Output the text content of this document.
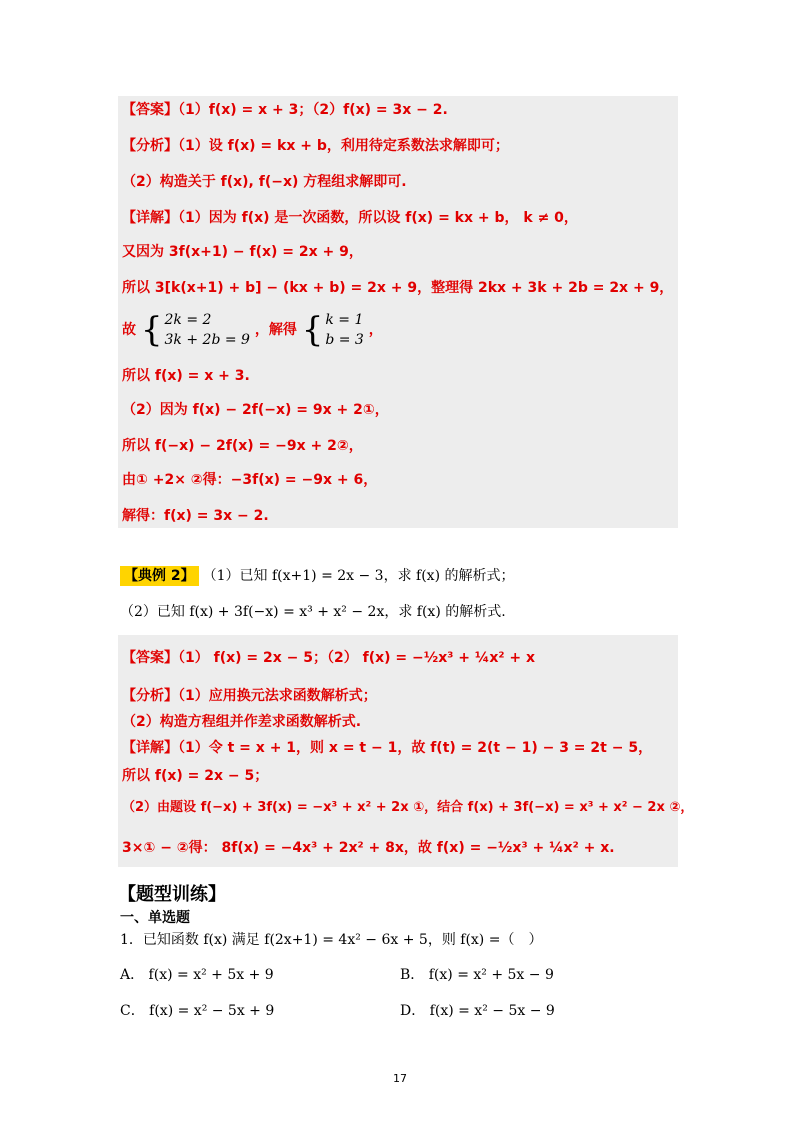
【答案】（1）f(x) = x + 3；（2）f(x) = 3x − 2.
【分析】（1）设 f(x) = kx + b，利用待定系数法求解即可；
（2）构造关于 f(x), f(−x) 方程组求解即可.
【详解】（1）因为 f(x) 是一次函数，所以设 f(x) = kx + b， k ≠ 0，
又因为 3f(x+1) − f(x) = 2x + 9，
所以 3[k(x+1) + b] − (kx + b) = 2x + 9，整理得 2kx + 3k + 2b = 2x + 9，
故 { 2k = 2
3k + 2b = 9
，解得 { k = 1
b = 3
，
所以 f(x) = x + 3.
（2）因为 f(x) − 2f(−x) = 9x + 2①，
所以 f(−x) − 2f(x) = −9x + 2②，
由① +2× ②得：−3f(x) = −9x + 6，
解得：f(x) = 3x − 2.
【典例 2】 （1）已知 f(x+1) = 2x − 3，求 f(x) 的解析式；
（2）已知 f(x) + 3f(−x) = x³ + x² − 2x，求 f(x) 的解析式.
【答案】（1） f(x) = 2x − 5；（2） f(x) = −½x³ + ¼x² + x
【分析】（1）应用换元法求函数解析式；
（2）构造方程组并作差求函数解析式.
【详解】（1）令 t = x + 1，则 x = t − 1，故 f(t) = 2(t − 1) − 3 = 2t − 5，
所以 f(x) = 2x − 5；
（2）由题设 f(−x) + 3f(x) = −x³ + x² + 2x ①，结合 f(x) + 3f(−x) = x³ + x² − 2x ②，
3×① − ②得： 8f(x) = −4x³ + 2x² + 8x，故 f(x) = −½x³ + ¼x² + x.
【题型训练】
一、单选题
1．已知函数 f(x) 满足 f(2x+1) = 4x² − 6x + 5，则 f(x) =（　）
A． f(x) = x² + 5x + 9	B． f(x) = x² + 5x − 9
C． f(x) = x² − 5x + 9	D． f(x) = x² − 5x − 9
17
